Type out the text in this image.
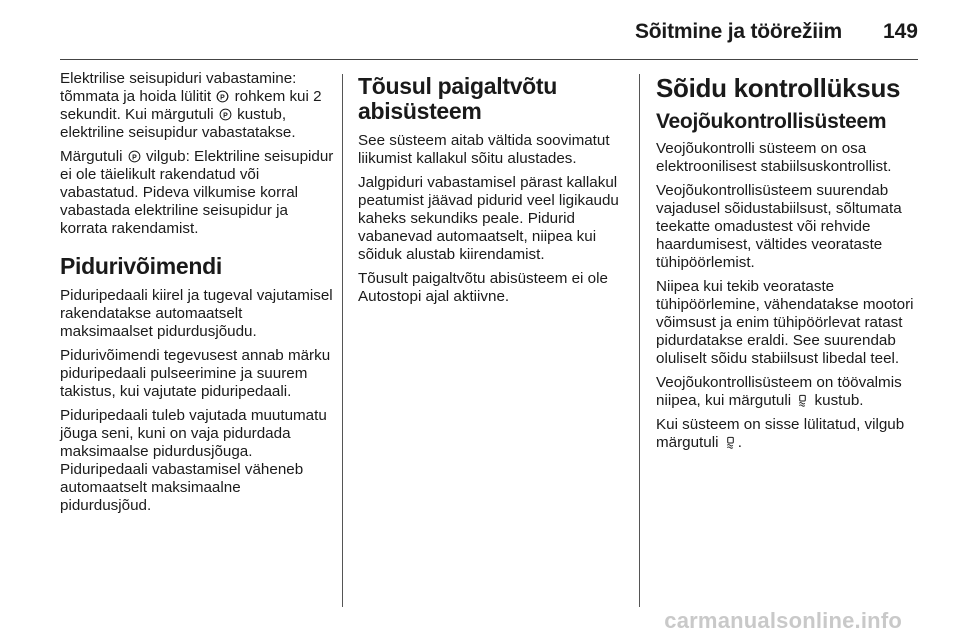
Sõitmine ja töörežiim 149

Elektrilise seisupiduri vabastamine: tõmmata ja hoida lülitit P rohkem kui 2 sekundit. Kui märgutuli P kustub, elektriline seisupidur vabastatakse.

Märgutuli P vilgub: Elektriline seisupidur ei ole täielikult rakendatud või vabastatud. Pideva vilkumise korral vabastada elektriline seisupidur ja korrata rakendamist.

Pidurivõimendi

Piduripedaali kiirel ja tugeval vajutamisel rakendatakse automaatselt maksimaalset pidurdusjõudu.

Pidurivõimendi tegevusest annab märku piduripedaali pulseerimine ja suurem takistus, kui vajutate piduripedaali.

Piduripedaali tuleb vajutada muutumatu jõuga seni, kuni on vaja pidurdada maksimaalse pidurdusjõuga. Piduripedaali vabastamisel väheneb automaatselt maksimaalne pidurdusjõud.

Tõusul paigaltvõtu abisüsteem

See süsteem aitab vältida soovimatut liikumist kallakul sõitu alustades.

Jalgpiduri vabastamisel pärast kallakul peatumist jäävad pidurid veel ligikaudu kaheks sekundiks peale. Pidurid vabanevad automaatselt, niipea kui sõiduk alustab kiirendamist.

Tõusult paigaltvõtu abisüsteem ei ole Autostopi ajal aktiivne.

Sõidu kontrollüksus
Veojõukontrollisüsteem

Veojõukontrolli süsteem on osa elektroonilisest stabiilsuskontrollist.

Veojõukontrollisüsteem suurendab vajadusel sõidustabiilsust, sõltumata teekatte omadustest või rehvide haardumisest, vältides veorataste tühipöörlemist.

Niipea kui tekib veorataste tühipöörlemine, vähendatakse mootori võimsust ja enim tühipöörlevat ratast pidurdatakse eraldi. See suurendab oluliselt sõidu stabiilsust libedal teel.

Veojõukontrollisüsteem on töövalmis niipea, kui märgutuli kustub.

Kui süsteem on sisse lülitatud, vilgub märgutuli .

carmanualsonline.info
